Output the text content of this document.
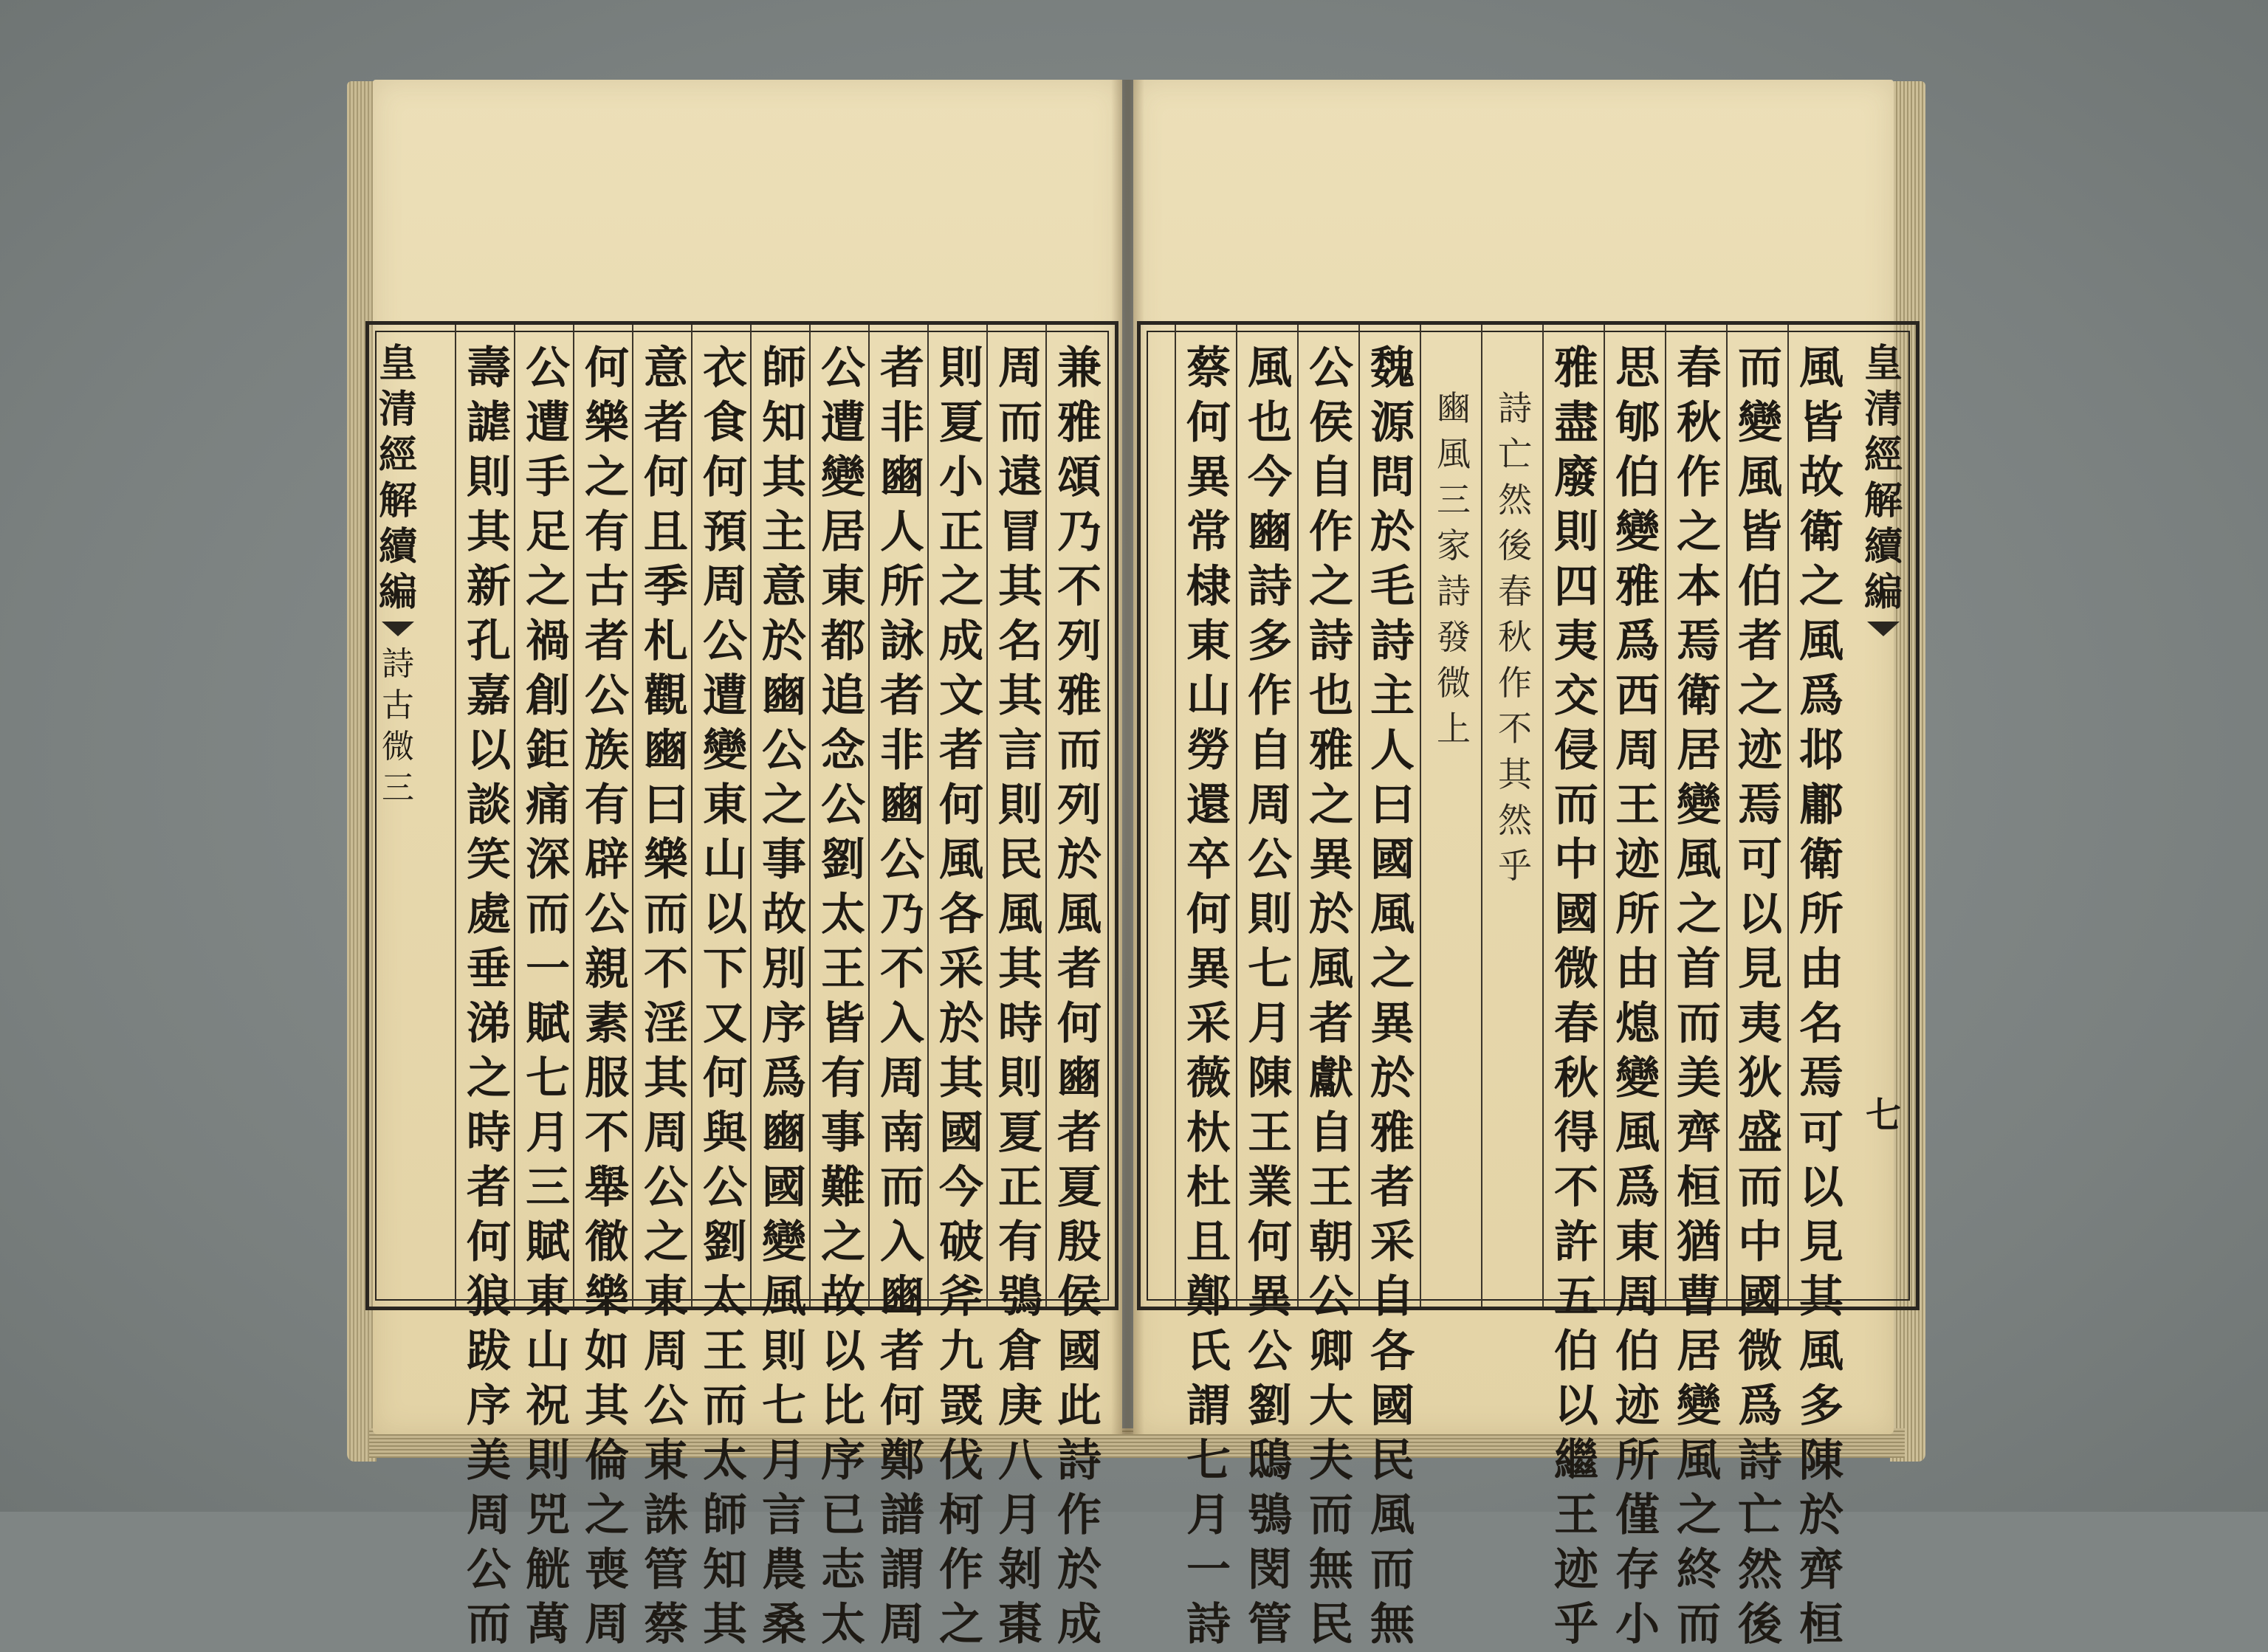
兼
雅
頌
乃
不
列
雅
而
列
於
風
者
何
豳
者
夏
殷
侯
國
此
詩
作
於
成
周
而
遠
冒
其
名
其
言
則
民
風
其
時
則
夏
正
有
鴞
倉
庚
八
月
剝
棗
則
夏
小
正
之
成
文
者
何
風
各
采
於
其
國
今
破
斧
九
罭
伐
柯
作
之
者
非
豳
人
所
詠
者
非
豳
公
乃
不
入
周
南
而
入
豳
者
何
鄭
譜
謂
周
公
遭
變
居
東
都
追
念
公
劉
太
王
皆
有
事
難
之
故
以
比
序
已
志
太
師
知
其
主
意
於
豳
公
之
事
故
別
序
爲
豳
國
變
風
則
七
月
言
農
桑
衣
食
何
預
周
公
遭
變
東
山
以
下
又
何
與
公
劉
太
王
而
太
師
知
其
意
者
何
且
季
札
觀
豳
曰
樂
而
不
淫
其
周
公
之
東
周
公
東
誅
管
蔡
何
樂
之
有
古
者
公
族
有
辟
公
親
素
服
不
舉
徹
樂
如
其
倫
之
喪
周
公
遭
手
足
之
禍
創
鉅
痛
深
而
一
賦
七
月
三
賦
東
山
祝
則
兕
觥
萬
壽
謔
則
其
新
孔
嘉
以
談
笑
處
垂
涕
之
時
者
何
狼
跋
序
美
周
公
而
皇
清
經
解
續
編
詩
古
微
三
風
皆
故
衛
之
風
爲
邶
鄘
衛
所
由
名
焉
可
以
見
其
風
多
陳
於
齊
桓
而
變
風
皆
伯
者
之
迹
焉
可
以
見
夷
狄
盛
而
中
國
微
爲
詩
亡
然
後
春
秋
作
之
本
焉
衛
居
變
風
之
首
而
美
齊
桓
猶
曹
居
變
風
之
終
而
思
郇
伯
變
雅
爲
西
周
王
迹
所
由
熄
變
風
爲
東
周
伯
迹
所
僅
存
小
雅
盡
廢
則
四
夷
交
侵
而
中
國
微
春
秋
得
不
許
五
伯
以
繼
王
迹
乎
詩
亡
然
後
春
秋
作
不
其
然
乎
豳
風
三
家
詩
發
微
上
魏
源
問
於
毛
詩
主
人
曰
國
風
之
異
於
雅
者
采
自
各
國
民
風
而
無
公
侯
自
作
之
詩
也
雅
之
異
於
風
者
獻
自
王
朝
公
卿
大
夫
而
無
民
風
也
今
豳
詩
多
作
自
周
公
則
七
月
陳
王
業
何
異
公
劉
鴟
鴞
閔
管
蔡
何
異
常
棣
東
山
勞
還
卒
何
異
采
薇
杕
杜
且
鄭
氏
謂
七
月
一
詩
皇
清
經
解
續
編
七
